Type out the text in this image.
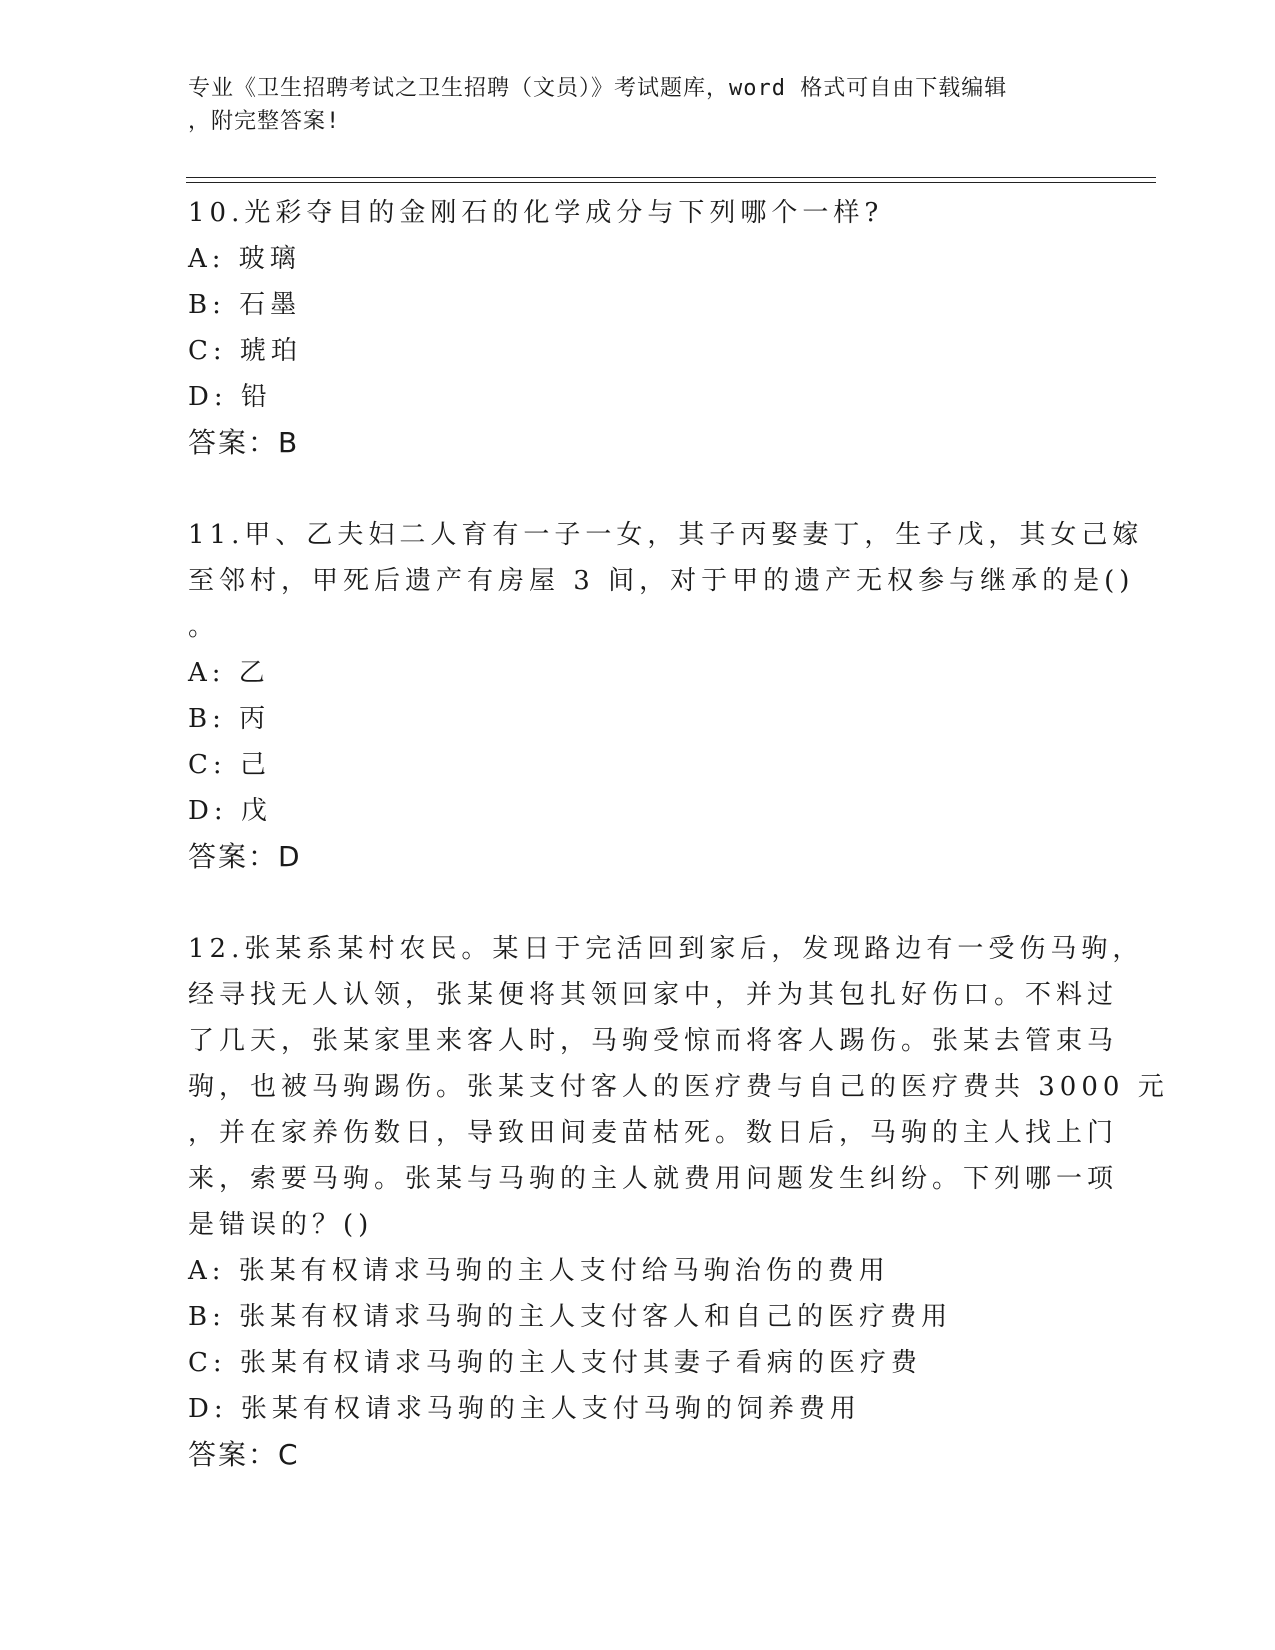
专业《卫生招聘考试之卫生招聘（文员）》考试题库，word 格式可自由下载编辑
，附完整答案!
10.光彩夺目的金刚石的化学成分与下列哪个一样?
A: 玻璃
B: 石墨
C: 琥珀
D: 铅
答案：B
11.甲、乙夫妇二人育有一子一女，其子丙娶妻丁，生子戊，其女己嫁
至邻村，甲死后遗产有房屋 3 间，对于甲的遗产无权参与继承的是()
。
A: 乙
B: 丙
C: 己
D: 戊
答案：D
12.张某系某村农民。某日于完活回到家后，发现路边有一受伤马驹，
经寻找无人认领，张某便将其领回家中，并为其包扎好伤口。不料过
了几天，张某家里来客人时，马驹受惊而将客人踢伤。张某去管束马
驹，也被马驹踢伤。张某支付客人的医疗费与自己的医疗费共 3000 元
，并在家养伤数日，导致田间麦苗枯死。数日后，马驹的主人找上门
来，索要马驹。张某与马驹的主人就费用问题发生纠纷。下列哪一项
是错误的？()
A: 张某有权请求马驹的主人支付给马驹治伤的费用
B: 张某有权请求马驹的主人支付客人和自己的医疗费用
C: 张某有权请求马驹的主人支付其妻子看病的医疗费
D: 张某有权请求马驹的主人支付马驹的饲养费用
答案：C
